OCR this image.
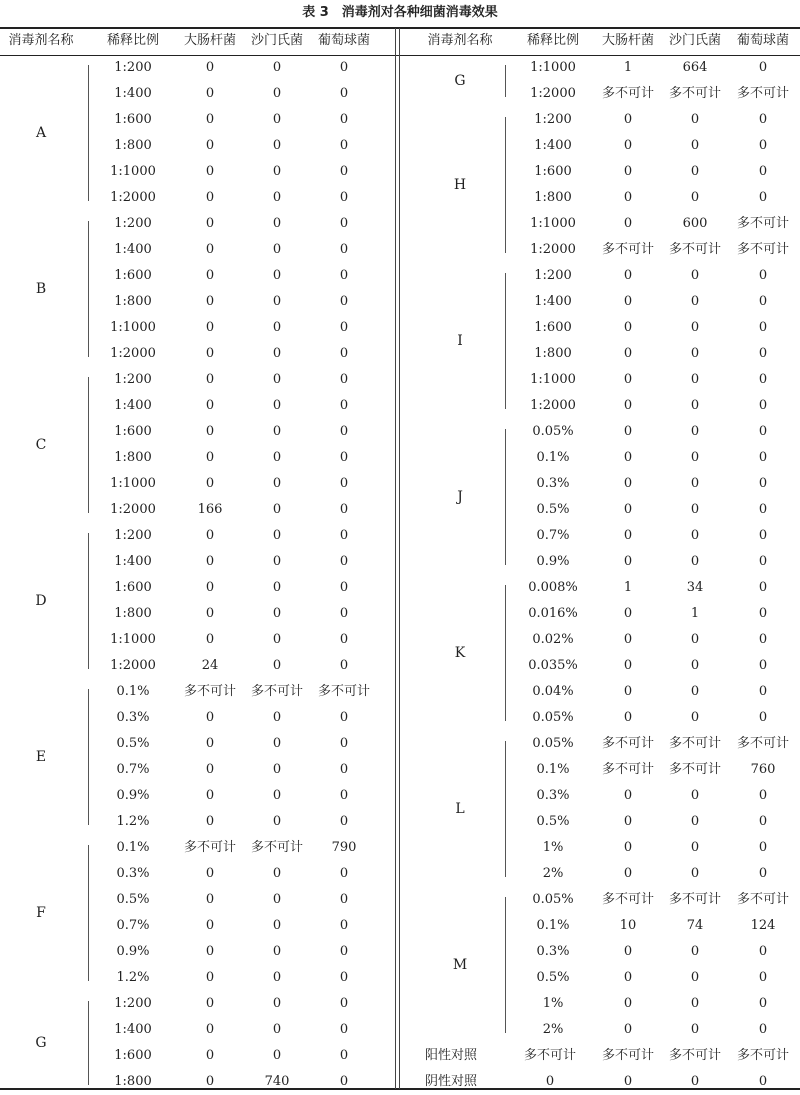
表 3　消毒剂对各种细菌消毒效果
消毒剂名称	稀释比例	大肠杆菌	沙门氏菌	葡萄球菌	消毒剂名称	稀释比例	大肠杆菌	沙门氏菌	葡萄球菌
A
1:200	0	0	0
1:400	0	0	0
1:600	0	0	0
1:800	0	0	0
1:1000	0	0	0
1:2000	0	0	0
B
1:200	0	0	0
1:400	0	0	0
1:600	0	0	0
1:800	0	0	0
1:1000	0	0	0
1:2000	0	0	0
C
1:200	0	0	0
1:400	0	0	0
1:600	0	0	0
1:800	0	0	0
1:1000	0	0	0
1:2000	166	0	0
D
1:200	0	0	0
1:400	0	0	0
1:600	0	0	0
1:800	0	0	0
1:1000	0	0	0
1:2000	24	0	0
E
0.1%	多不可计	多不可计	多不可计
0.3%	0	0	0
0.5%	0	0	0
0.7%	0	0	0
0.9%	0	0	0
1.2%	0	0	0
F
0.1%	多不可计	多不可计	790
0.3%	0	0	0
0.5%	0	0	0
0.7%	0	0	0
0.9%	0	0	0
1.2%	0	0	0
G
1:200	0	0	0
1:400	0	0	0
1:600	0	0	0
1:800	0	740	0
G
1:1000	1	664	0
1:2000	多不可计	多不可计	多不可计
H
1:200	0	0	0
1:400	0	0	0
1:600	0	0	0
1:800	0	0	0
1:1000	0	600	多不可计
1:2000	多不可计	多不可计	多不可计
I
1:200	0	0	0
1:400	0	0	0
1:600	0	0	0
1:800	0	0	0
1:1000	0	0	0
1:2000	0	0	0
J
0.05%	0	0	0
0.1%	0	0	0
0.3%	0	0	0
0.5%	0	0	0
0.7%	0	0	0
0.9%	0	0	0
K
0.008%	1	34	0
0.016%	0	1	0
0.02%	0	0	0
0.035%	0	0	0
0.04%	0	0	0
0.05%	0	0	0
L
0.05%	多不可计	多不可计	多不可计
0.1%	多不可计	多不可计	760
0.3%	0	0	0
0.5%	0	0	0
1%	0	0	0
2%	0	0	0
M
0.05%	多不可计	多不可计	多不可计
0.1%	10	74	124
0.3%	0	0	0
0.5%	0	0	0
1%	0	0	0
2%	0	0	0
阳性对照	多不可计	多不可计	多不可计	多不可计
阴性对照	0	0	0	0
